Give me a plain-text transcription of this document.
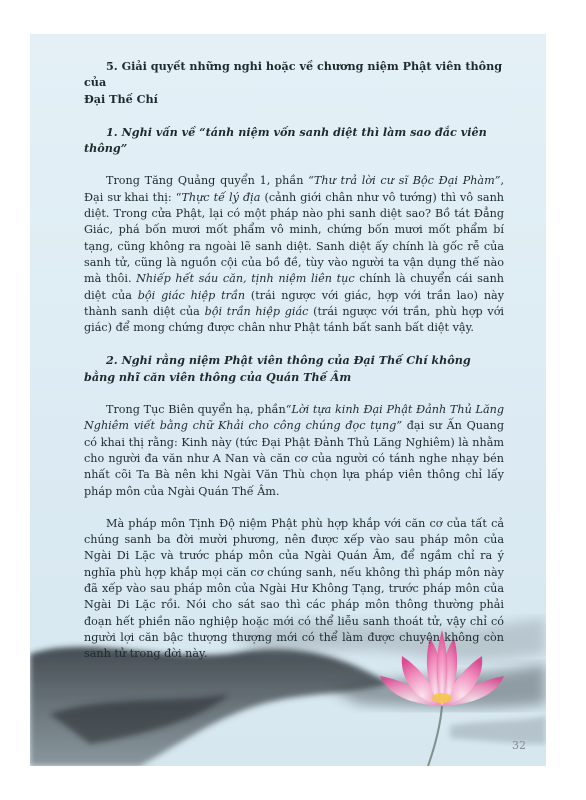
5. Giải quyết những nghi hoặc về chương niệm Phật viên thông của
Đại Thế Chí
1. Nghi vấn về “tánh niệm vốn sanh diệt thì làm sao đắc viên thông”

Trong Tăng Quảng quyển 1, phần “Thư trả lời cư sĩ Bộc Đại Phàm”, Đại sư khai thị: “Thực tế lý địa (cảnh giới chân như vô tướng) thì vô sanh diệt. Trong cửa Phật, lại có một pháp nào phi sanh diệt sao? Bồ tát Đẳng Giác, phá bốn mươi mốt phẩm vô minh, chứng bốn mươi mốt phẩm bí tạng, cũng không ra ngoài lẽ sanh diệt. Sanh diệt ấy chính là gốc rễ của sanh tử, cũng là nguồn cội của bồ đề, tùy vào người ta vận dụng thế nào mà thôi. Nhiếp hết sáu căn, tịnh niệm liên tục chính là chuyển cái sanh diệt của bội giác hiệp trần (trái ngược với giác, hợp với trần lao) này thành sanh diệt của bội trần hiệp giác (trái ngược với trần, phù hợp với giác) để mong chứng được chân như Phật tánh bất sanh bất diệt vậy.

2. Nghi rằng niệm Phật viên thông của Đại Thế Chí không bằng nhĩ căn viên thông của Quán Thế Âm

Trong Tục Biên quyển hạ, phần“Lời tựa kinh Đại Phật Đảnh Thủ Lăng Nghiêm viết bằng chữ Khải cho công chúng đọc tụng” đại sư Ấn Quang có khai thị rằng: Kinh này (tức Đại Phật Đảnh Thủ Lăng Nghiêm) là nhằm cho người đa văn như A Nan và căn cơ của người có tánh nghe nhạy bén nhất cõi Ta Bà nên khi Ngài Văn Thù chọn lựa pháp viên thông chỉ lấy pháp môn của Ngài Quán Thế Âm.

Mà pháp môn Tịnh Độ niệm Phật phù hợp khắp với căn cơ của tất cả chúng sanh ba đời mười phương, nên được xếp vào sau pháp môn của Ngài Di Lặc và trước pháp môn của Ngài Quán Âm, để ngầm chỉ ra ý nghĩa phù hợp khắp mọi căn cơ chúng sanh, nếu không thì pháp môn này đã xếp vào sau pháp môn của Ngài Hư Không Tạng, trước pháp môn của Ngài Di Lặc rồi. Nói cho sát sao thì các pháp môn thông thường phải đoạn hết phiền não nghiệp hoặc mới có thể liễu sanh thoát tử, vậy chỉ có người lợi căn bậc thượng thượng mới có thể làm được chuyện không còn sanh tử trong đời này.

32
